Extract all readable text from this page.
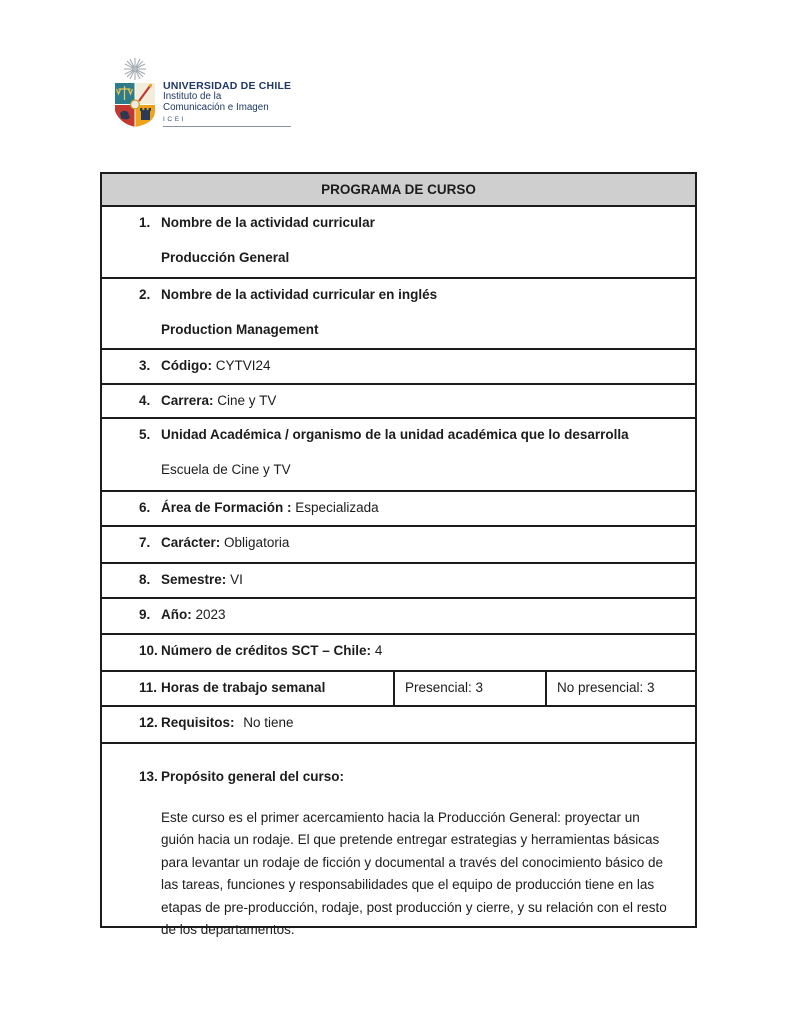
UNIVERSIDAD DE CHILE
Instituto de la
Comunicación e Imagen
ICEI
PROGRAMA DE CURSO
1. Nombre de la actividad curricular
Producción General
2. Nombre de la actividad curricular en inglés
Production Management
3. Código: CYTVI24
4. Carrera: Cine y TV
5. Unidad Académica / organismo de la unidad académica que lo desarrolla
Escuela de Cine y TV
6. Área de Formación : Especializada
7. Carácter: Obligatoria
8. Semestre: VI
9. Año: 2023
10. Número de créditos SCT – Chile: 4
11. Horas de trabajo semanal	Presencial: 3	No presencial: 3
12. Requisitos: No tiene
13. Propósito general del curso:
Este curso es el primer acercamiento hacia la Producción General: proyectar un guión hacia un rodaje. El que pretende entregar estrategias y herramientas básicas para levantar un rodaje de ficción y documental a través del conocimiento básico de las tareas, funciones y responsabilidades que el equipo de producción tiene en las etapas de pre-producción, rodaje, post producción y cierre, y su relación con el resto de los departamentos.
